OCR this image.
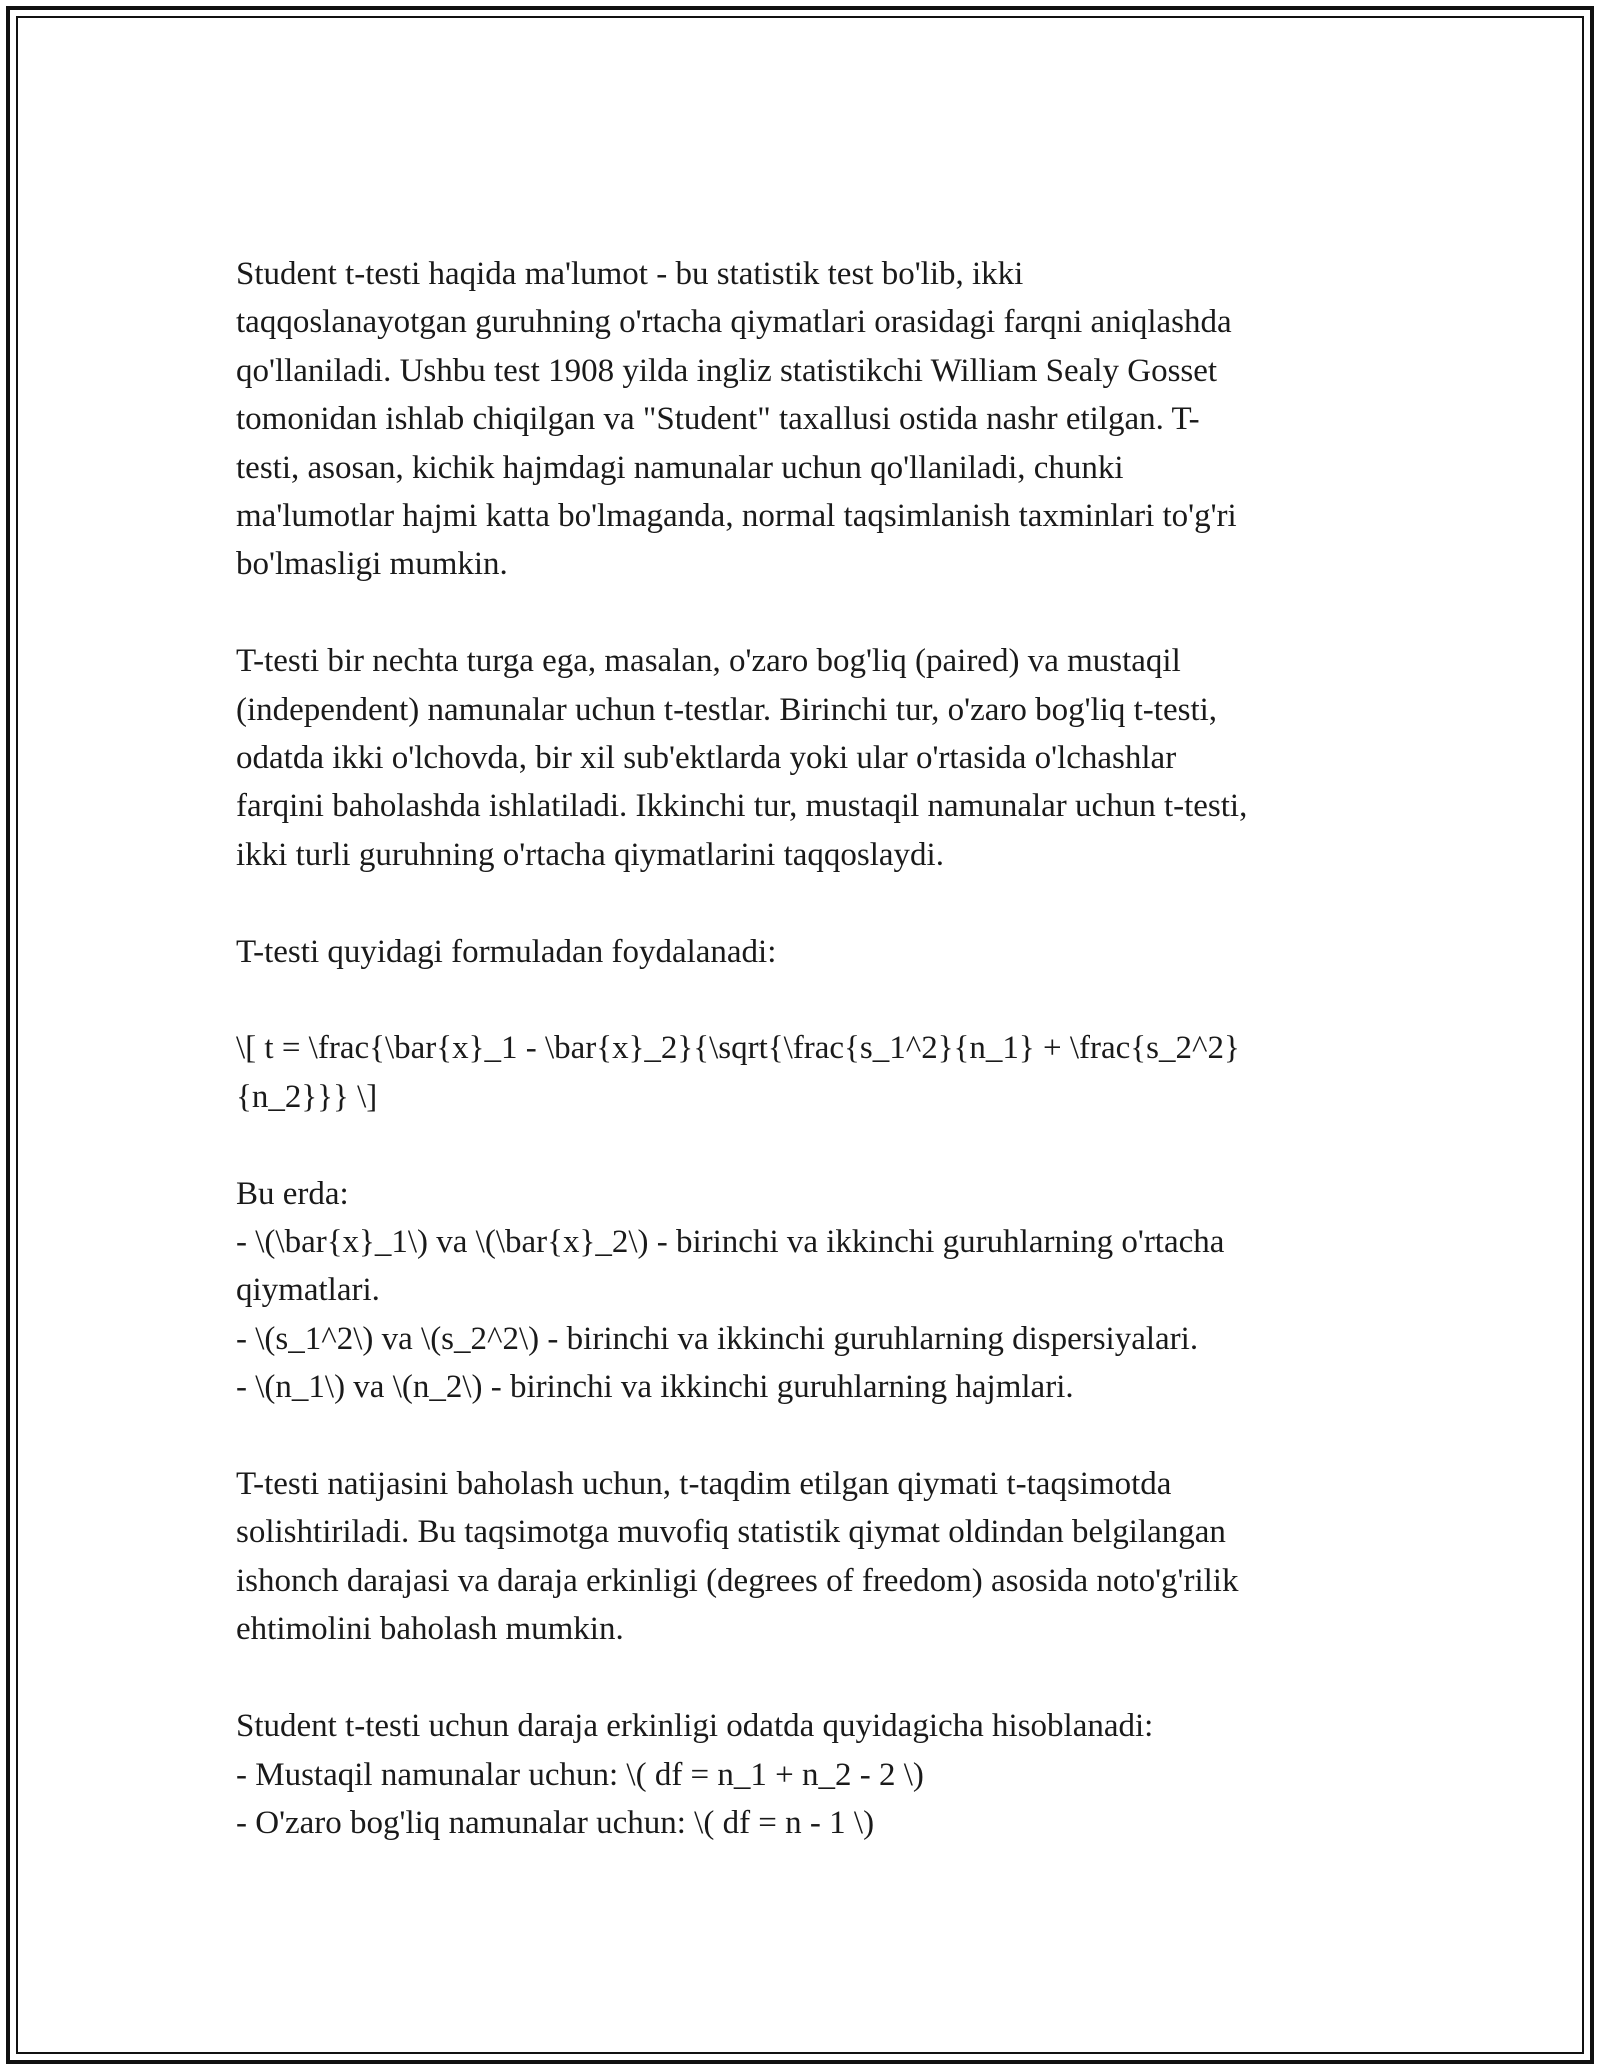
Student t-testi haqida ma'lumot - bu statistik test bo'lib, ikki
taqqoslanayotgan guruhning o'rtacha qiymatlari orasidagi farqni aniqlashda
qo'llaniladi. Ushbu test 1908 yilda ingliz statistikchi William Sealy Gosset
tomonidan ishlab chiqilgan va "Student" taxallusi ostida nashr etilgan. T-
testi, asosan, kichik hajmdagi namunalar uchun qo'llaniladi, chunki
ma'lumotlar hajmi katta bo'lmaganda, normal taqsimlanish taxminlari to'g'ri
bo'lmasligi mumkin.

T-testi bir nechta turga ega, masalan, o'zaro bog'liq (paired) va mustaqil
(independent) namunalar uchun t-testlar. Birinchi tur, o'zaro bog'liq t-testi,
odatda ikki o'lchovda, bir xil sub'ektlarda yoki ular o'rtasida o'lchashlar
farqini baholashda ishlatiladi. Ikkinchi tur, mustaqil namunalar uchun t-testi,
ikki turli guruhning o'rtacha qiymatlarini taqqoslaydi.

T-testi quyidagi formuladan foydalanadi:

\[ t = \frac{\bar{x}_1 - \bar{x}_2}{\sqrt{\frac{s_1^2}{n_1} + \frac{s_2^2}
{n_2}}} \]

Bu erda:
- \(\bar{x}_1\) va \(\bar{x}_2\) - birinchi va ikkinchi guruhlarning o'rtacha
qiymatlari.
- \(s_1^2\) va \(s_2^2\) - birinchi va ikkinchi guruhlarning dispersiyalari.
- \(n_1\) va \(n_2\) - birinchi va ikkinchi guruhlarning hajmlari.

T-testi natijasini baholash uchun, t-taqdim etilgan qiymati t-taqsimotda
solishtiriladi. Bu taqsimotga muvofiq statistik qiymat oldindan belgilangan
ishonch darajasi va daraja erkinligi (degrees of freedom) asosida noto'g'rilik
ehtimolini baholash mumkin.

Student t-testi uchun daraja erkinligi odatda quyidagicha hisoblanadi:
- Mustaqil namunalar uchun: \( df = n_1 + n_2 - 2 \)
- O'zaro bog'liq namunalar uchun: \( df = n - 1 \)
